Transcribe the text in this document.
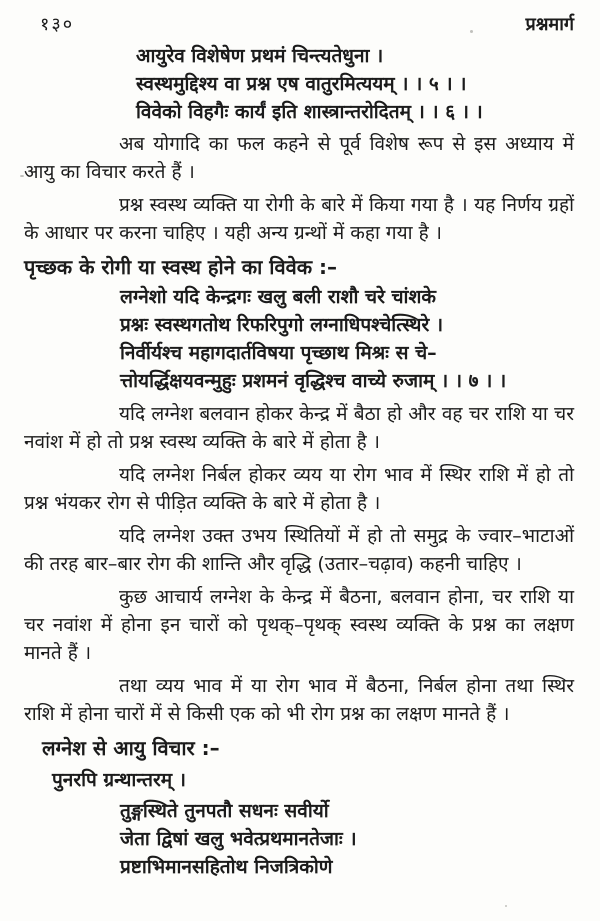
१३०	प्रश्नमार्ग
आयुरेव विशेषेण प्रथमं चिन्त्यतेधुना ।
स्वस्थमुद्दिश्य वा प्रश्न एष वातुरमित्ययम् । । ५ । ।
विवेको विहगैः कार्यं इति शास्त्रान्तरोदितम् । । ६ । ।

अब योगादि का फल कहने से पूर्व विशेष रूप से इस अध्याय में आयु का विचार करते हैं ।

प्रश्न स्वस्थ व्यक्ति या रोगी के बारे में किया गया है । यह निर्णय ग्रहों के आधार पर करना चाहिए । यही अन्य ग्रन्थों में कहा गया है ।

पृच्छक के रोगी या स्वस्थ होने का विवेक :–
लग्नेशो यदि केन्द्रगः खलु बली राशौ चरे चांशके
प्रश्नः स्वस्थगतोथ रिफरिपुगो लग्नाधिपश्चेत्स्थिरे ।
निर्वीर्यश्च महागदार्तविषया पृच्छाथ मिश्रः स चे–
त्तोयर्द्धिक्षयवन्मुहुः प्रशमनं वृद्धिश्च वाच्ये रुजाम् । । ७ । ।

यदि लग्नेश बलवान होकर केन्द्र में बैठा हो और वह चर राशि या चर नवांश में हो तो प्रश्न स्वस्थ व्यक्ति के बारे में होता है ।

यदि लग्नेश निर्बल होकर व्यय या रोग भाव में स्थिर राशि में हो तो प्रश्न भंयकर रोग से पीड़ित व्यक्ति के बारे में होता है ।

यदि लग्नेश उक्त उभय स्थितियों में हो तो समुद्र के ज्वार–भाटाओं की तरह बार–बार रोग की शान्ति और वृद्धि (उतार–चढ़ाव) कहनी चाहिए ।

कुछ आचार्य लग्नेश के केन्द्र में बैठना, बलवान होना, चर राशि या चर नवांश में होना इन चारों को पृथक्–पृथक् स्वस्थ व्यक्ति के प्रश्न का लक्षण मानते हैं ।

तथा व्यय भाव में या रोग भाव में बैठना, निर्बल होना तथा स्थिर राशि में होना चारों में से किसी एक को भी रोग प्रश्न का लक्षण मानते हैं ।

लग्नेश से आयु विचार :–
पुनरपि ग्रन्थान्तरम् ।
तुङ्गस्थिते तुनपतौ सधनः सवीर्यो
जेता द्विषां खलु भवेत्प्रथमानतेजाः ।
प्रष्टाभिमानसहितोथ निजत्रिकोणे
